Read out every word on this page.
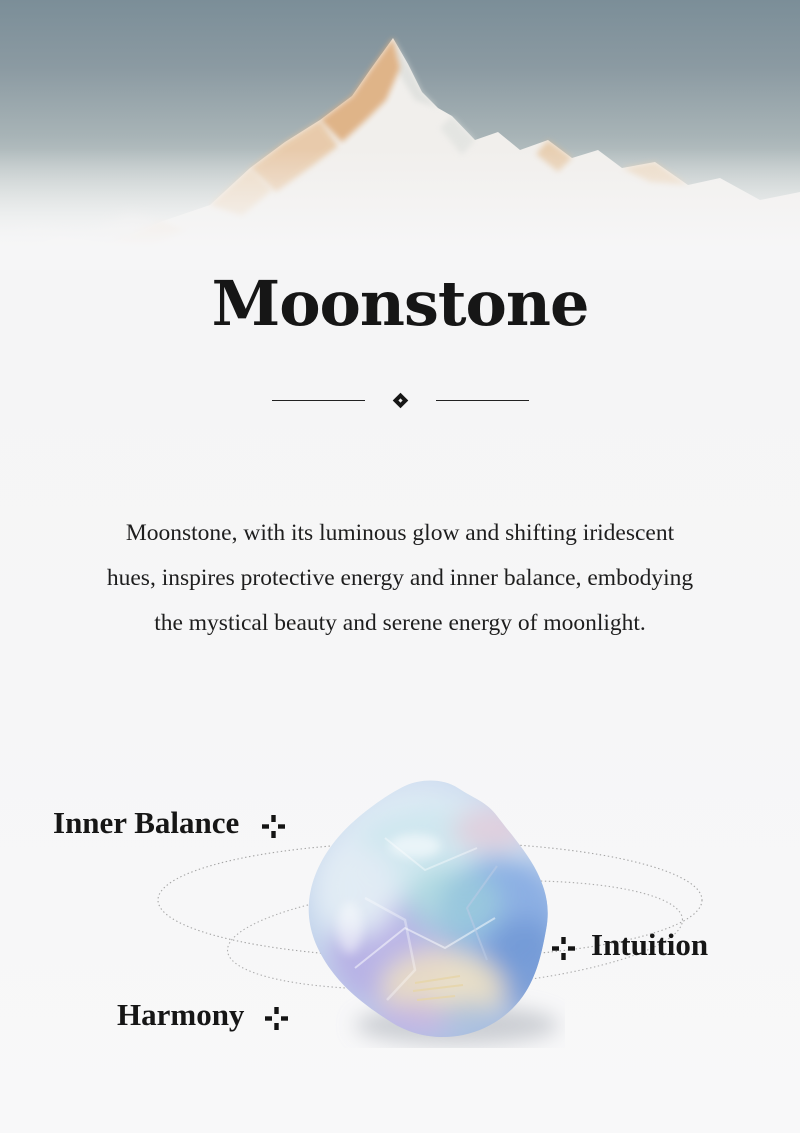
Moonstone

Moonstone, with its luminous glow and shifting iridescent
hues, inspires protective energy and inner balance, embodying
the mystical beauty and serene energy of moonlight.

Inner Balance
Intuition
Harmony
